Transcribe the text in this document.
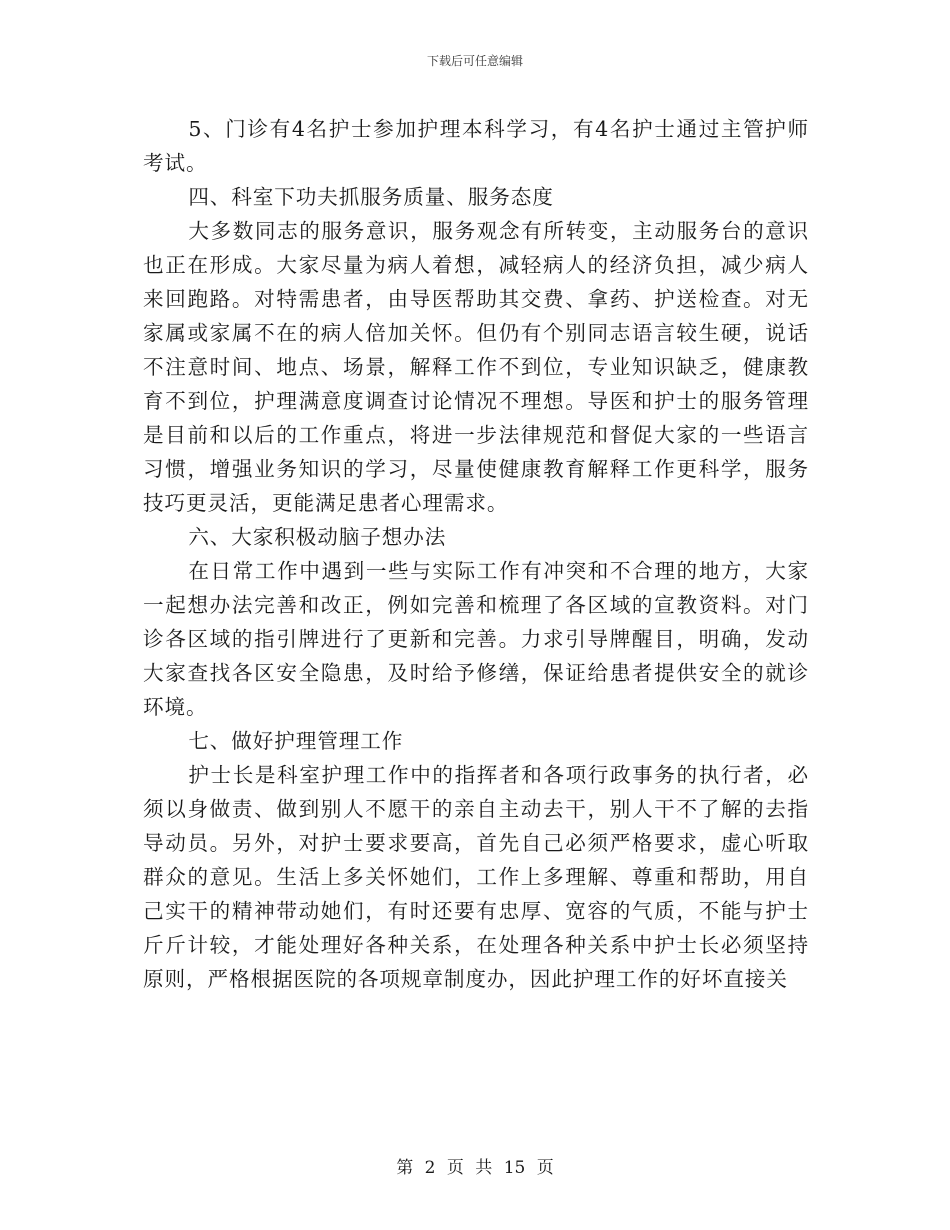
下载后可任意编辑

5、门诊有4名护士参加护理本科学习，有4名护士通过主管护师考试。

四、科室下功夫抓服务质量、服务态度

大多数同志的服务意识，服务观念有所转变，主动服务台的意识也正在形成。大家尽量为病人着想，减轻病人的经济负担，减少病人来回跑路。对特需患者，由导医帮助其交费、拿药、护送检查。对无家属或家属不在的病人倍加关怀。但仍有个别同志语言较生硬，说话不注意时间、地点、场景，解释工作不到位，专业知识缺乏，健康教育不到位，护理满意度调查讨论情况不理想。导医和护士的服务管理是目前和以后的工作重点，将进一步法律规范和督促大家的一些语言习惯，增强业务知识的学习，尽量使健康教育解释工作更科学，服务技巧更灵活，更能满足患者心理需求。

六、大家积极动脑子想办法

在日常工作中遇到一些与实际工作有冲突和不合理的地方，大家一起想办法完善和改正，例如完善和梳理了各区域的宣教资料。对门诊各区域的指引牌进行了更新和完善。力求引导牌醒目，明确，发动大家查找各区安全隐患，及时给予修缮，保证给患者提供安全的就诊环境。

七、做好护理管理工作

护士长是科室护理工作中的指挥者和各项行政事务的执行者，必须以身做责、做到别人不愿干的亲自主动去干，别人干不了解的去指导动员。另外，对护士要求要高，首先自己必须严格要求，虚心听取群众的意见。生活上多关怀她们，工作上多理解、尊重和帮助，用自己实干的精神带动她们，有时还要有忠厚、宽容的气质，不能与护士斤斤计较，才能处理好各种关系，在处理各种关系中护士长必须坚持原则，严格根据医院的各项规章制度办，因此护理工作的好坏直接关

第 2 页 共 15 页
